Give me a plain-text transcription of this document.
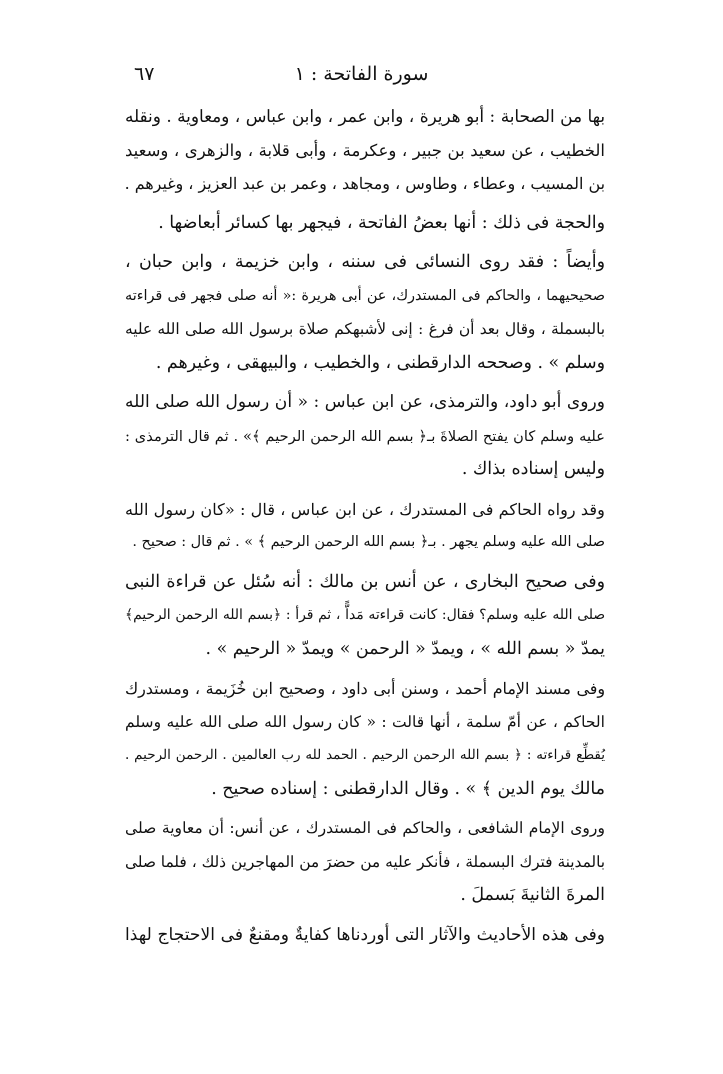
سورة الفاتحة : ١
٦٧
بها من الصحابة : أبو هريرة ، وابن عمر ، وابن عباس ، ومعاوية . ونقله
الخطيب ، عن سعيد بن جبير ، وعكرمة ، وأبى قلابة ، والزهرى ، وسعيد
بن المسيب ، وعطاء ، وطاوس ، ومجاهد ، وعمر بن عبد العزيز ، وغيرهم .
والحجة فى ذلك : أنها بعضُ الفاتحة ، فيجهر بها كسائر أبعاضها .
وأيضاً : فقد روى النسائى فى سننه ، وابن خزيمة ، وابن حبان ،
صحيحيهما ، والحاكم فى المستدرك، عن أبى هريرة :« أنه صلى فجهر فى قراءته
بالبسملة ، وقال بعد أن فرغ : إنى لأشبهكم صلاة برسول الله صلى الله عليه
وسلم » . وصححه الدارقطنى ، والخطيب ، والبيهقى ، وغيرهم .
وروى أبو داود، والترمذى، عن ابن عباس : « أن رسول الله صلى الله
عليه وسلم كان يفتح الصلاةَ بـ﴿ بسم الله الرحمن الرحيم ﴾» . ثم قال الترمذى :
وليس إسناده بذاك .
وقد رواه الحاكم فى المستدرك ، عن ابن عباس ، قال : «كان رسول الله
صلى الله عليه وسلم يجهر . بـ﴿ بسم الله الرحمن الرحيم ﴾ » . ثم قال : صحيح .
وفى صحيح البخارى ، عن أنس بن مالك : أنه سُئل عن قراءة النبى
صلى الله عليه وسلم؟ فقال: كانت قراءته مَداًّ ، ثم قرأ : ﴿بسم الله الرحمن الرحيم﴾
يمدّ « بسم الله » ، ويمدّ « الرحمن » ويمدّ « الرحيم » .
وفى مسند الإمام أحمد ، وسنن أبى داود ، وصحيح ابن خُزَيمة ، ومستدرك
الحاكم ، عن أمّ سلمة ، أنها قالت : « كان رسول الله صلى الله عليه وسلم
يُقطِّع قراءته : ﴿ بسم الله الرحمن الرحيم . الحمد لله رب العالمين . الرحمن الرحيم .
مالك يوم الدين ﴾ » . وقال الدارقطنى : إسناده صحيح .
وروى الإمام الشافعى ، والحاكم فى المستدرك ، عن أنس: أن معاوية صلى
بالمدينة فترك البسملة ، فأنكر عليه من حضرَ من المهاجرين ذلك ، فلما صلى
المرةَ الثانيةَ بَسملَ .
وفى هذه الأحاديث والآثار التى أوردناها كفايةٌ ومقنعٌ فى الاحتجاج لهذا
